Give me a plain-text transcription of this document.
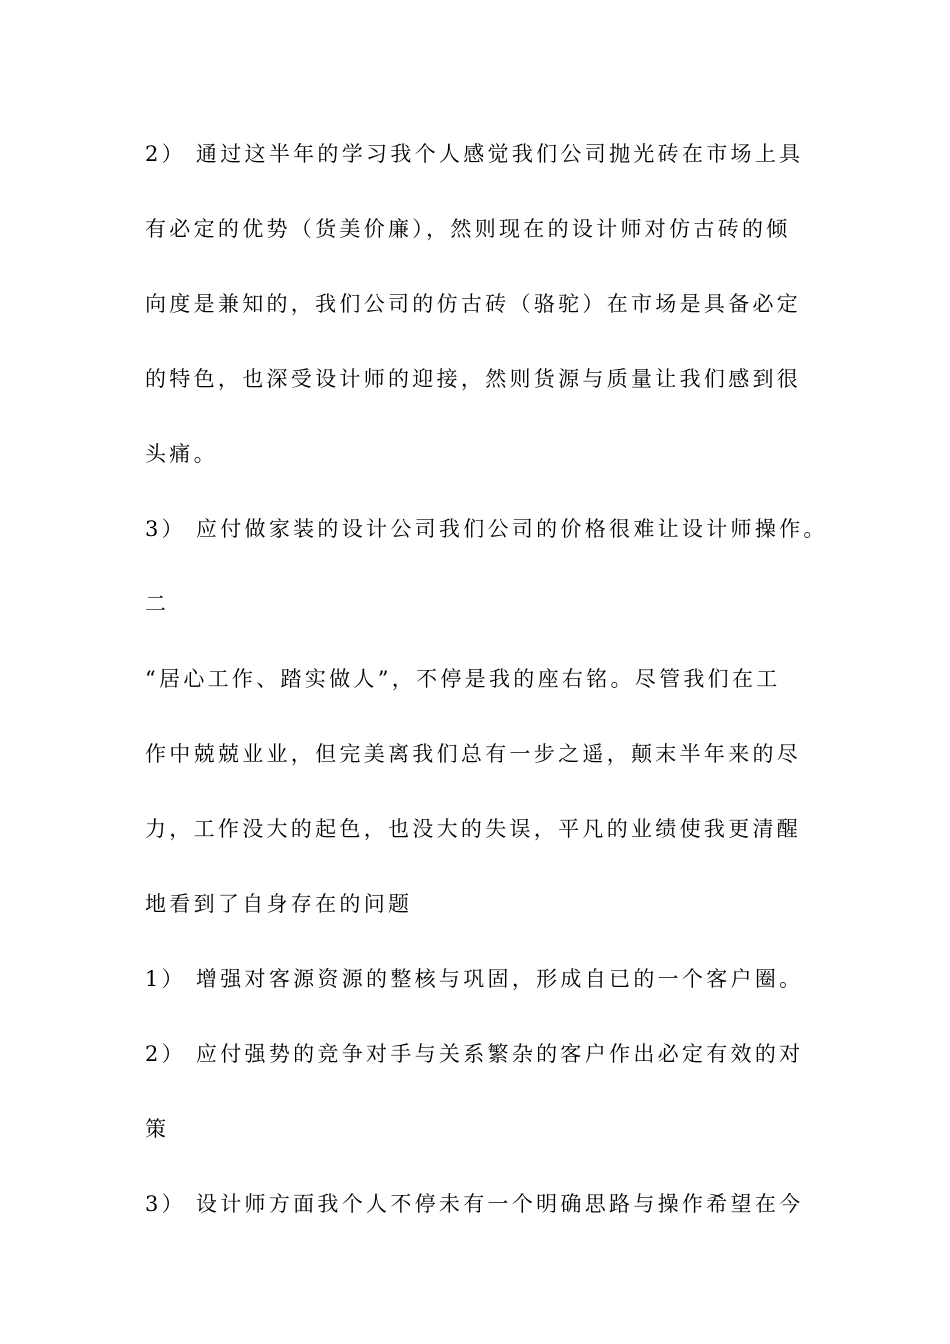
2） 通过这半年的学习我个人感觉我们公司抛光砖在市场上具
有必定的优势（货美价廉），然则现在的设计师对仿古砖的倾
向度是兼知的，我们公司的仿古砖（骆驼）在市场是具备必定
的特色，也深受设计师的迎接，然则货源与质量让我们感到很
头痛。
3） 应付做家装的设计公司我们公司的价格很难让设计师操作。
二
“居心工作、踏实做人”，不停是我的座右铭。尽管我们在工
作中兢兢业业，但完美离我们总有一步之遥，颠末半年来的尽
力，工作没大的起色，也没大的失误，平凡的业绩使我更清醒
地看到了自身存在的问题
1） 增强对客源资源的整核与巩固，形成自已的一个客户圈。
2） 应付强势的竞争对手与关系繁杂的客户作出必定有效的对
策
3） 设计师方面我个人不停未有一个明确思路与操作希望在今
